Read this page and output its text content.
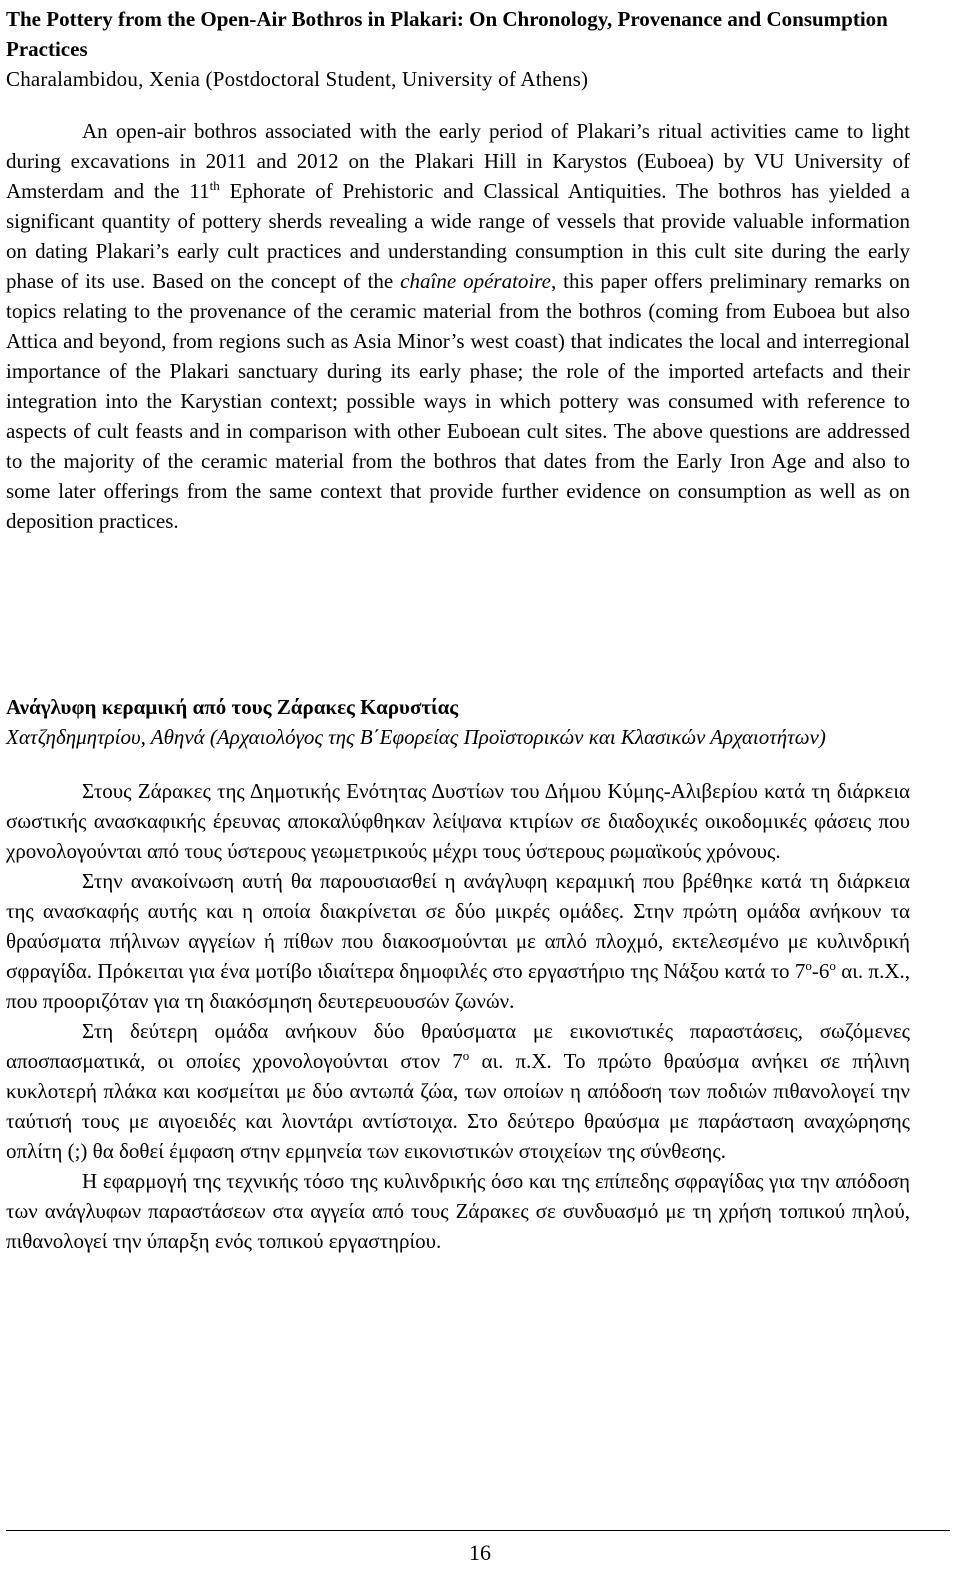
The Pottery from the Open-Air Bothros in Plakari: On Chronology, Provenance and Consumption Practices

Charalambidou, Xenia (Postdoctoral Student, University of Athens)

An open-air bothros associated with the early period of Plakari’s ritual activities came to light during excavations in 2011 and 2012 on the Plakari Hill in Karystos (Euboea) by VU University of Amsterdam and the 11th Ephorate of Prehistoric and Classical Antiquities. The bothros has yielded a significant quantity of pottery sherds revealing a wide range of vessels that provide valuable information on dating Plakari’s early cult practices and understanding consumption in this cult site during the early phase of its use. Based on the concept of the chaîne opératoire, this paper offers preliminary remarks on topics relating to the provenance of the ceramic material from the bothros (coming from Euboea but also Attica and beyond, from regions such as Asia Minor’s west coast) that indicates the local and interregional importance of the Plakari sanctuary during its early phase; the role of the imported artefacts and their integration into the Karystian context; possible ways in which pottery was consumed with reference to aspects of cult feasts and in comparison with other Euboean cult sites. The above questions are addressed to the majority of the ceramic material from the bothros that dates from the Early Iron Age and also to some later offerings from the same context that provide further evidence on consumption as well as on deposition practices.

Ανάγλυφη κεραμική από τους Ζάρακες Καρυστίας

Χατζηδημητρίου, Αθηνά (Αρχαιολόγος της Β΄Εφορείας Προϊστορικών και Κλασικών Αρχαιοτήτων)

Στους Ζάρακες της Δημοτικής Ενότητας Δυστίων του Δήμου Κύμης-Αλιβερίου κατά τη διάρκεια σωστικής ανασκαφικής έρευνας αποκαλύφθηκαν λείψανα κτιρίων σε διαδοχικές οικοδομικές φάσεις που χρονολογούνται από τους ύστερους γεωμετρικούς μέχρι τους ύστερους ρωμαϊκούς χρόνους.

Στην ανακοίνωση αυτή θα παρουσιασθεί η ανάγλυφη κεραμική που βρέθηκε κατά τη διάρκεια της ανασκαφής αυτής και η οποία διακρίνεται σε δύο μικρές ομάδες. Στην πρώτη ομάδα ανήκουν τα θραύσματα πήλινων αγγείων ή πίθων που διακοσμούνται με απλό πλοχμό, εκτελεσμένο με κυλινδρική σφραγίδα. Πρόκειται για ένα μοτίβο ιδιαίτερα δημοφιλές στο εργαστήριο της Νάξου κατά το $7^o-6^o$ αι. π.Χ., που προοριζόταν για τη διακόσμηση δευτερευουσών ζωνών.

Στη δεύτερη ομάδα ανήκουν δύο θραύσματα με εικονιστικές παραστάσεις, σωζόμενες αποσπασματικά, οι οποίες χρονολογούνται στον $7^o$ αι. π.Χ. Το πρώτο θραύσμα ανήκει σε πήλινη κυκλοτερή πλάκα και κοσμείται με δύο αντωπά ζώα, των οποίων η απόδοση των ποδιών πιθανολογεί την ταύτισή τους με αιγοειδές και λιοντάρι αντίστοιχα. Στο δεύτερο θραύσμα με παράσταση αναχώρησης οπλίτη (;) θα δοθεί έμφαση στην ερμηνεία των εικονιστικών στοιχείων της σύνθεσης.

Η εφαρμογή της τεχνικής τόσο της κυλινδρικής όσο και της επίπεδης σφραγίδας για την απόδοση των ανάγλυφων παραστάσεων στα αγγεία από τους Ζάρακες σε συνδυασμό με τη χρήση τοπικού πηλού, πιθανολογεί την ύπαρξη ενός τοπικού εργαστηρίου.

16
